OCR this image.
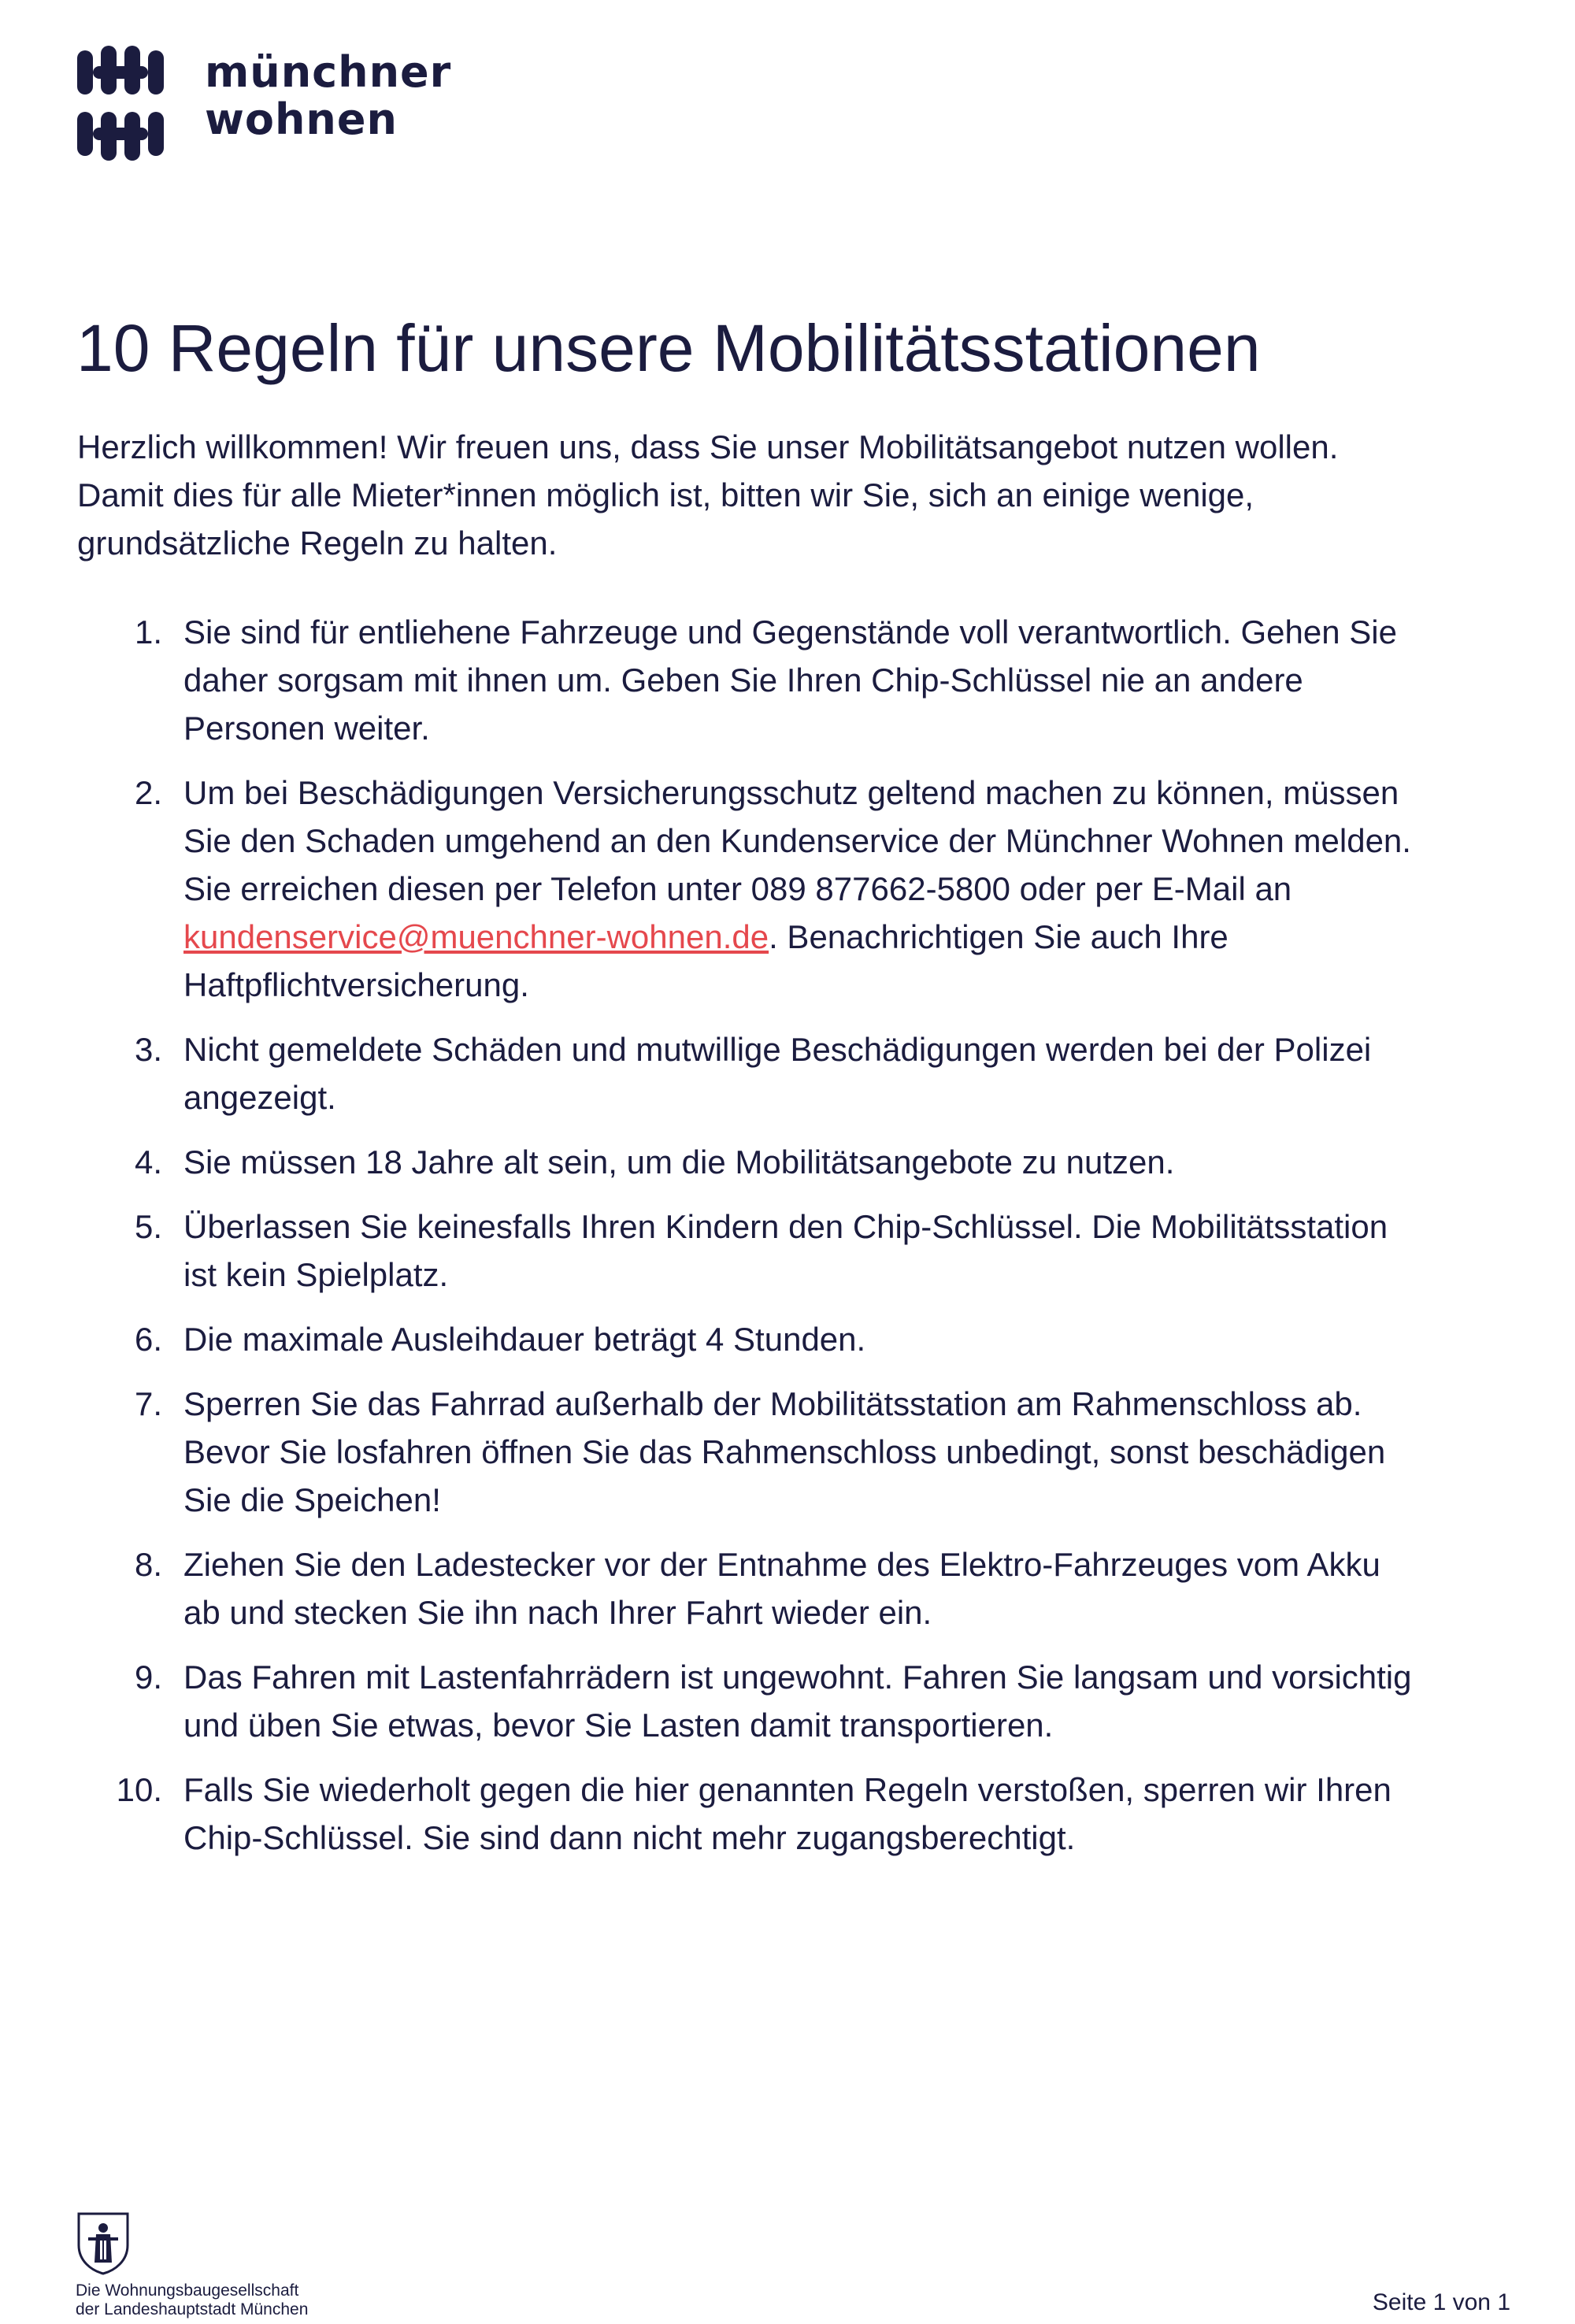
münchner
wohnen
10 Regeln für unsere Mobilitätsstationen

Herzlich willkommen! Wir freuen uns, dass Sie unser Mobilitätsangebot nutzen wollen.
Damit dies für alle Mieter*innen möglich ist, bitten wir Sie, sich an einige wenige,
grundsätzliche Regeln zu halten.

1. Sie sind für entliehene Fahrzeuge und Gegenstände voll verantwortlich. Gehen Sie
daher sorgsam mit ihnen um. Geben Sie Ihren Chip-Schlüssel nie an andere
Personen weiter.
2. Um bei Beschädigungen Versicherungsschutz geltend machen zu können, müssen
Sie den Schaden umgehend an den Kundenservice der Münchner Wohnen melden.
Sie erreichen diesen per Telefon unter 089 877662-5800 oder per E-Mail an
kundenservice@muenchner-wohnen.de. Benachrichtigen Sie auch Ihre
Haftpflichtversicherung.
3. Nicht gemeldete Schäden und mutwillige Beschädigungen werden bei der Polizei
angezeigt.
4. Sie müssen 18 Jahre alt sein, um die Mobilitätsangebote zu nutzen.
5. Überlassen Sie keinesfalls Ihren Kindern den Chip-Schlüssel. Die Mobilitätsstation
ist kein Spielplatz.
6. Die maximale Ausleihdauer beträgt 4 Stunden.
7. Sperren Sie das Fahrrad außerhalb der Mobilitätsstation am Rahmenschloss ab.
Bevor Sie losfahren öffnen Sie das Rahmenschloss unbedingt, sonst beschädigen
Sie die Speichen!
8. Ziehen Sie den Ladestecker vor der Entnahme des Elektro-Fahrzeuges vom Akku
ab und stecken Sie ihn nach Ihrer Fahrt wieder ein.
9. Das Fahren mit Lastenfahrrädern ist ungewohnt. Fahren Sie langsam und vorsichtig
und üben Sie etwas, bevor Sie Lasten damit transportieren.
10. Falls Sie wiederholt gegen die hier genannten Regeln verstoßen, sperren wir Ihren
Chip-Schlüssel. Sie sind dann nicht mehr zugangsberechtigt.
Die Wohnungsbaugesellschaft
der Landeshauptstadt München	Seite 1 von 1
